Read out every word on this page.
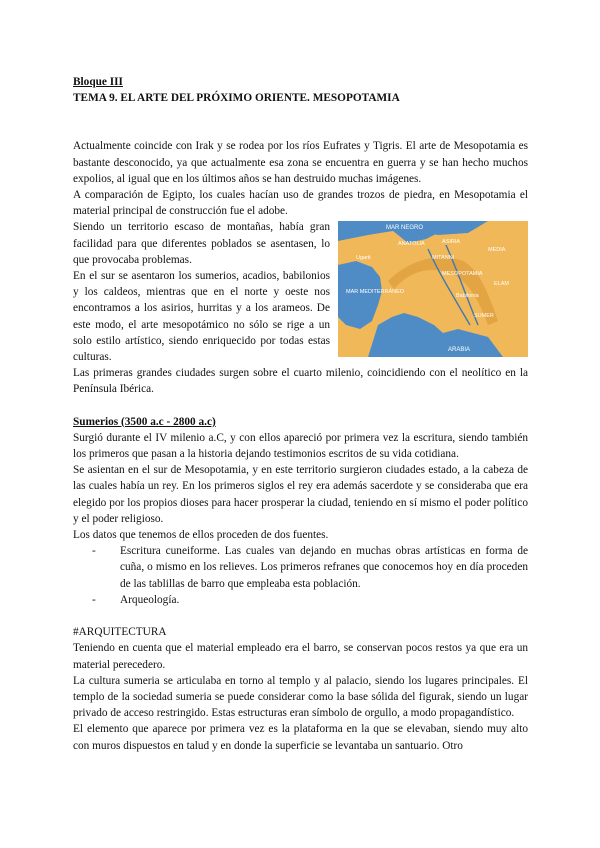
Bloque III

TEMA 9. EL ARTE DEL PRÓXIMO ORIENTE. MESOPOTAMIA

Actualmente coincide con Irak y se rodea por los ríos Eufrates y Tigris. El arte de Mesopotamia es bastante desconocido, ya que actualmente esa zona se encuentra en guerra y se han hecho muchos expolios, al igual que en los últimos años se han destruido muchas imágenes.

A comparación de Egipto, los cuales hacían uso de grandes trozos de piedra, en Mesopotamia el material principal de construcción fue el adobe.

MAR NEGRO
ANATOLIA	ASIRIA
MITANNI
MEDIA
Ugarit
MESOPOTAMIA
MAR MEDITERRÁNEO
Babilonia
ELAM
SUMER
ARABIA

Siendo un territorio escaso de montañas, había gran facilidad para que diferentes poblados se asentasen, lo que provocaba problemas.

En el sur se asentaron los sumerios, acadios, babilonios y los caldeos, mientras que en el norte y oeste nos encontramos a los asirios, hurritas y a los arameos. De este modo, el arte mesopotámico no sólo se rige a un solo estilo artístico, siendo enriquecido por todas estas culturas.

Las primeras grandes ciudades surgen sobre el cuarto milenio, coincidiendo con el neolítico en la Península Ibérica.

Sumerios (3500 a.c - 2800 a.c)

Surgió durante el IV milenio a.C, y con ellos apareció por primera vez la escritura, siendo también los primeros que pasan a la historia dejando testimonios escritos de su vida cotidiana.

Se asientan en el sur de Mesopotamia, y en este territorio surgieron ciudades estado, a la cabeza de las cuales había un rey. En los primeros siglos el rey era además sacerdote y se consideraba que era elegido por los propios dioses para hacer prosperar la ciudad, teniendo en sí mismo el poder político y el poder religioso.

Los datos que tenemos de ellos proceden de dos fuentes.

- Escritura cuneiforme. Las cuales van dejando en muchas obras artísticas en forma de cuña, o mismo en los relieves. Los primeros refranes que conocemos hoy en día proceden de las tablillas de barro que empleaba esta población.
- Arqueología.

#ARQUITECTURA

Teniendo en cuenta que el material empleado era el barro, se conservan pocos restos ya que era un material perecedero.

La cultura sumeria se articulaba en torno al templo y al palacio, siendo los lugares principales. El templo de la sociedad sumeria se puede considerar como la base sólida del figurak, siendo un lugar privado de acceso restringido. Estas estructuras eran símbolo de orgullo, a modo propagandístico.

El elemento que aparece por primera vez es la plataforma en la que se elevaban, siendo muy alto con muros dispuestos en talud y en donde la superficie se levantaba un santuario. Otro
